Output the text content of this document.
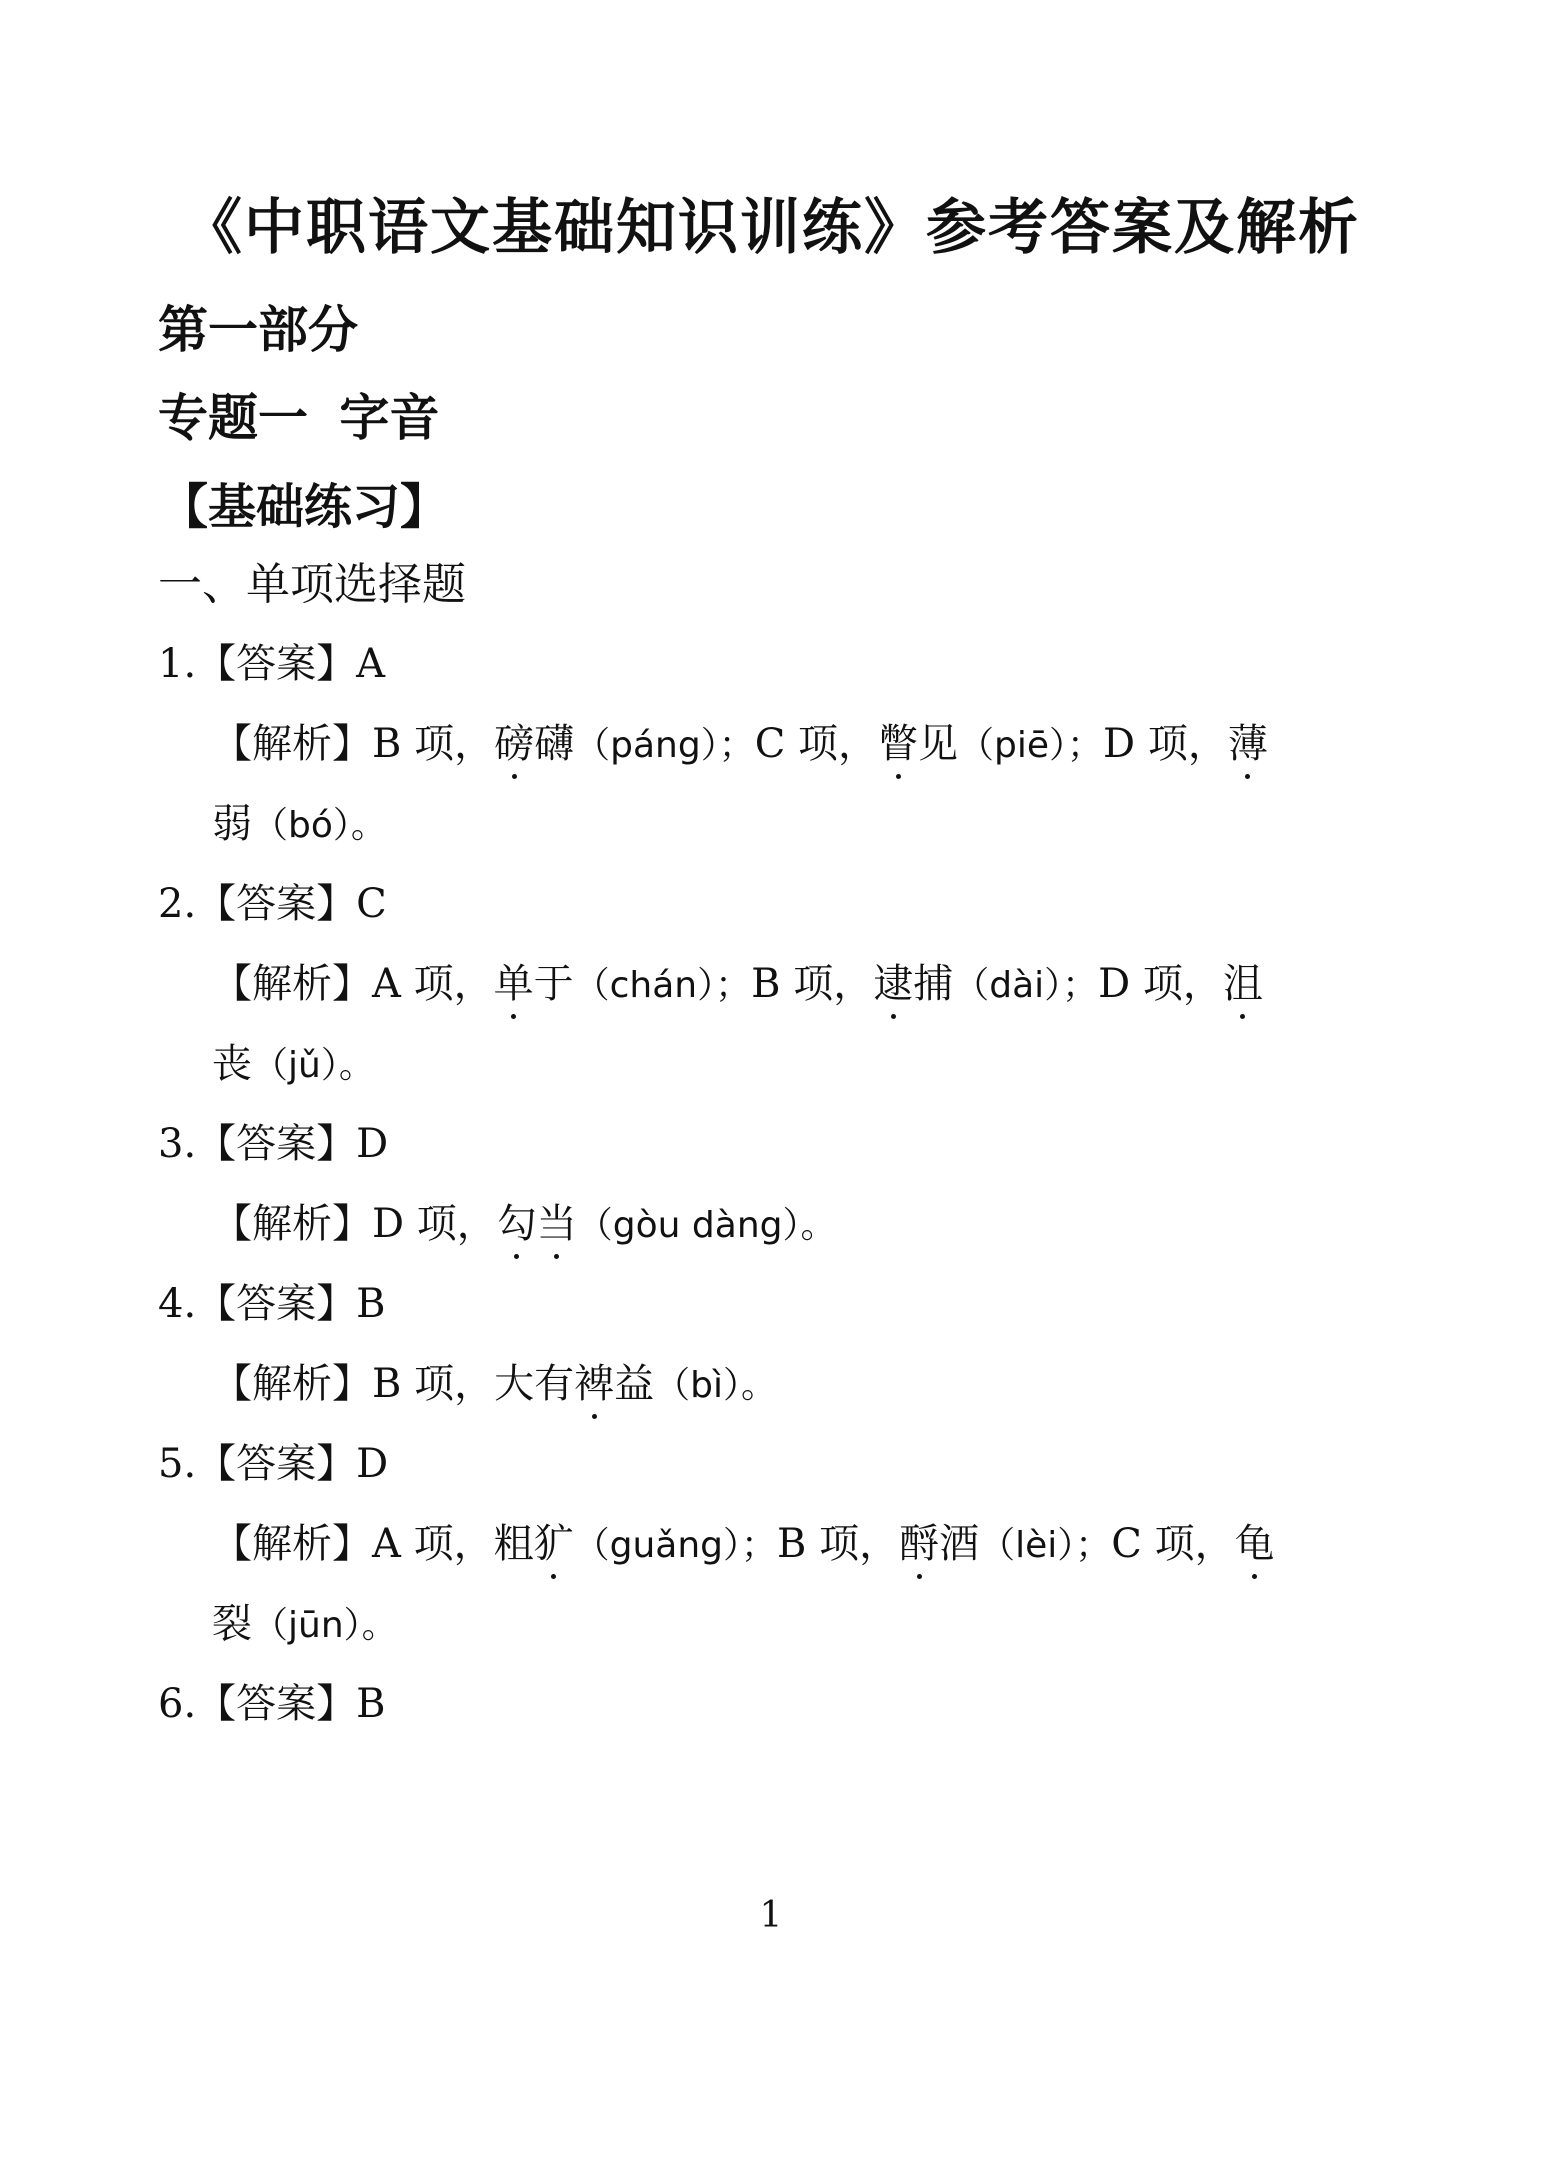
《中职语文基础知识训练》参考答案及解析
第一部分
专题一 字音
【基础练习】
一、单项选择题
1.【答案】A
【解析】B 项，磅礴（páng）；C 项，瞥见（piē）；D 项，薄
弱（bó）。
2.【答案】C
【解析】A 项，单于（chán）；B 项，逮捕（dài）；D 项，沮
丧（jǔ）。
3.【答案】D
【解析】D 项，勾当（gòu dàng）。
4.【答案】B
【解析】B 项，大有裨益（bì）。
5.【答案】D
【解析】A 项，粗犷（guǎng）；B 项，酹酒（lèi）；C 项，龟
裂（jūn）。
6.【答案】B
1
